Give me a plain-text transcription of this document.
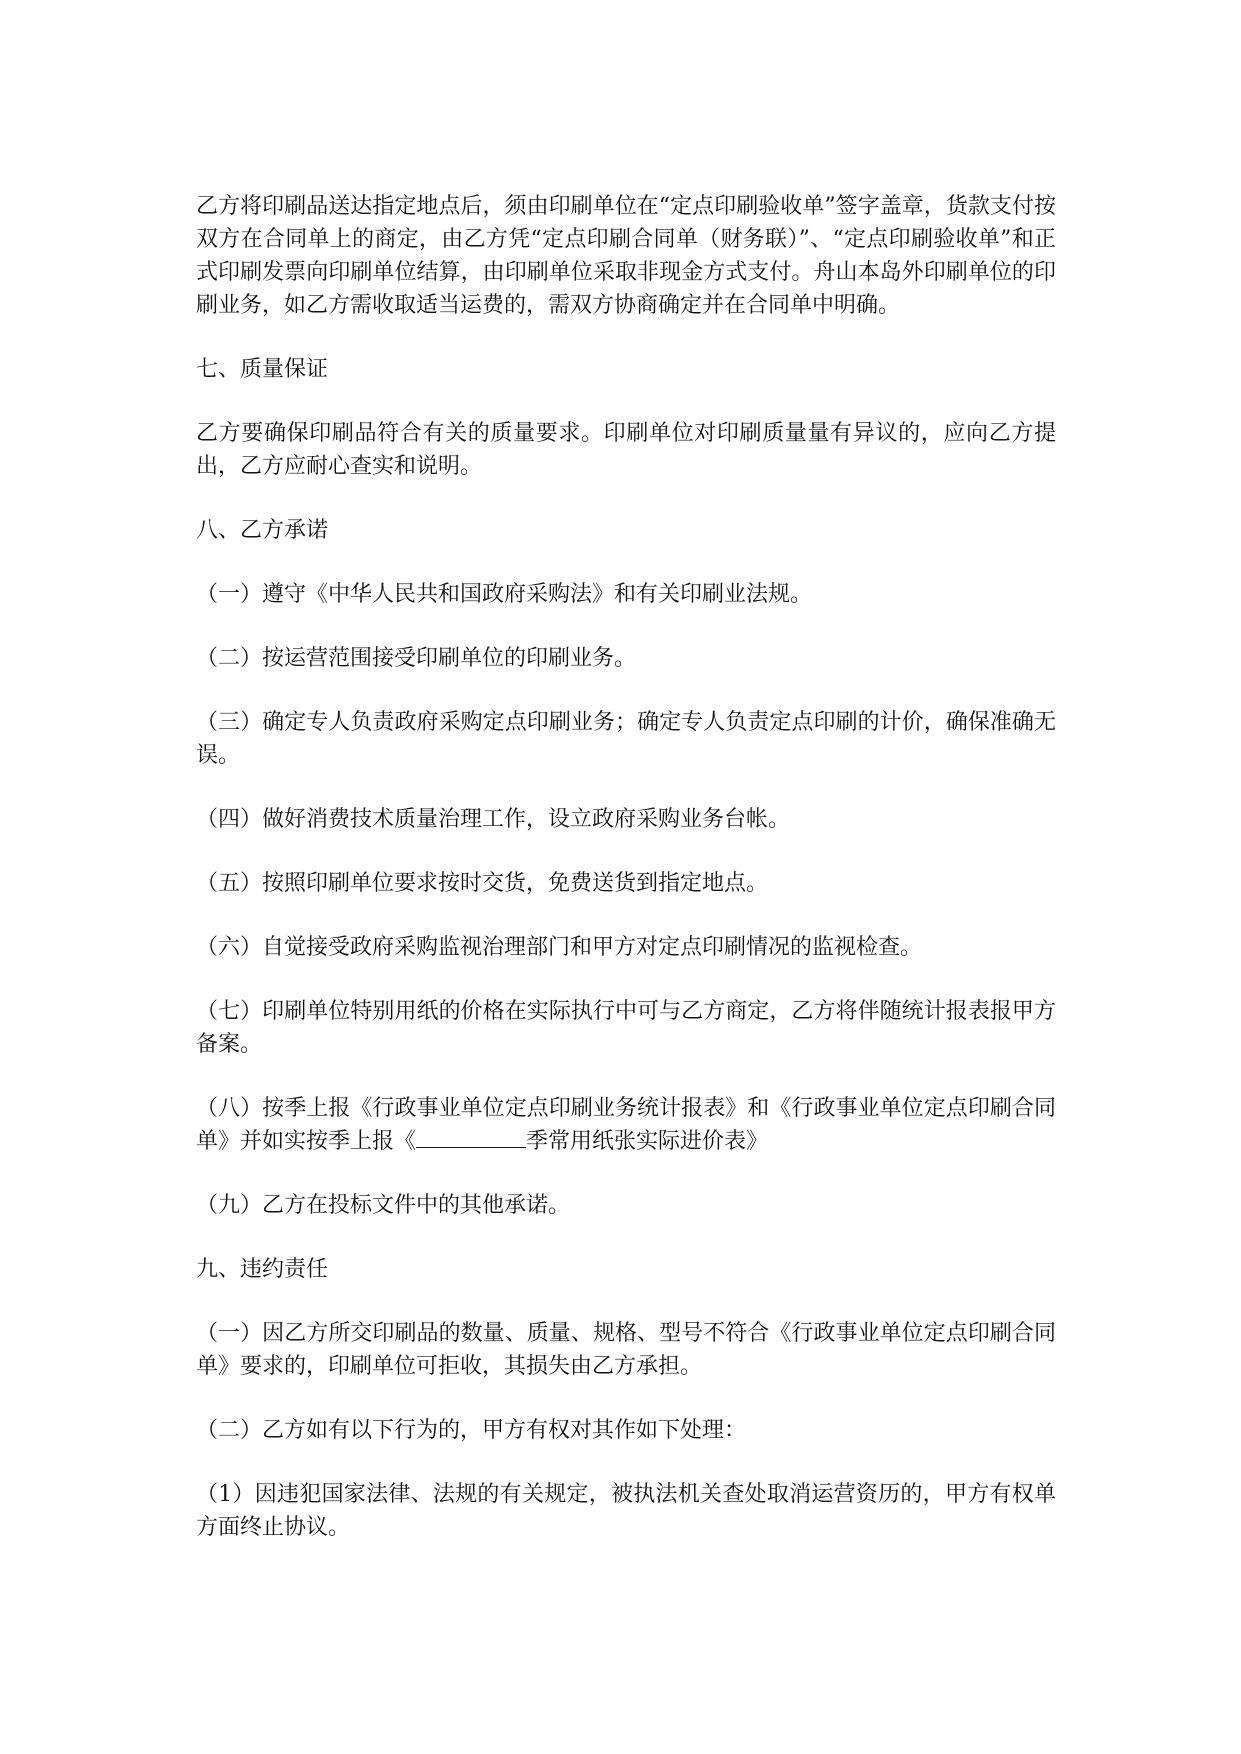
乙方将印刷品送达指定地点后，须由印刷单位在“定点印刷验收单”签字盖章，货款支付按双方在合同单上的商定，由乙方凭“定点印刷合同单（财务联）”、“定点印刷验收单”和正式印刷发票向印刷单位结算，由印刷单位采取非现金方式支付。舟山本岛外印刷单位的印刷业务，如乙方需收取适当运费的，需双方协商确定并在合同单中明确。

七、质量保证

乙方要确保印刷品符合有关的质量要求。印刷单位对印刷质量量有异议的，应向乙方提出，乙方应耐心查实和说明。

八、乙方承诺

（一）遵守《中华人民共和国政府采购法》和有关印刷业法规。

（二）按运营范围接受印刷单位的印刷业务。

（三）确定专人负责政府采购定点印刷业务；确定专人负责定点印刷的计价，确保准确无误。

（四）做好消费技术质量治理工作，设立政府采购业务台帐。

（五）按照印刷单位要求按时交货，免费送货到指定地点。

（六）自觉接受政府采购监视治理部门和甲方对定点印刷情况的监视检查。

（七）印刷单位特别用纸的价格在实际执行中可与乙方商定，乙方将伴随统计报表报甲方备案。

（八）按季上报《行政事业单位定点印刷业务统计报表》和《行政事业单位定点印刷合同单》并如实按季上报《	季常用纸张实际进价表》

（九）乙方在投标文件中的其他承诺。

九、违约责任

（一）因乙方所交印刷品的数量、质量、规格、型号不符合《行政事业单位定点印刷合同单》要求的，印刷单位可拒收，其损失由乙方承担。

（二）乙方如有以下行为的，甲方有权对其作如下处理：

（1）因违犯国家法律、法规的有关规定，被执法机关查处取消运营资历的，甲方有权单方面终止协议。
